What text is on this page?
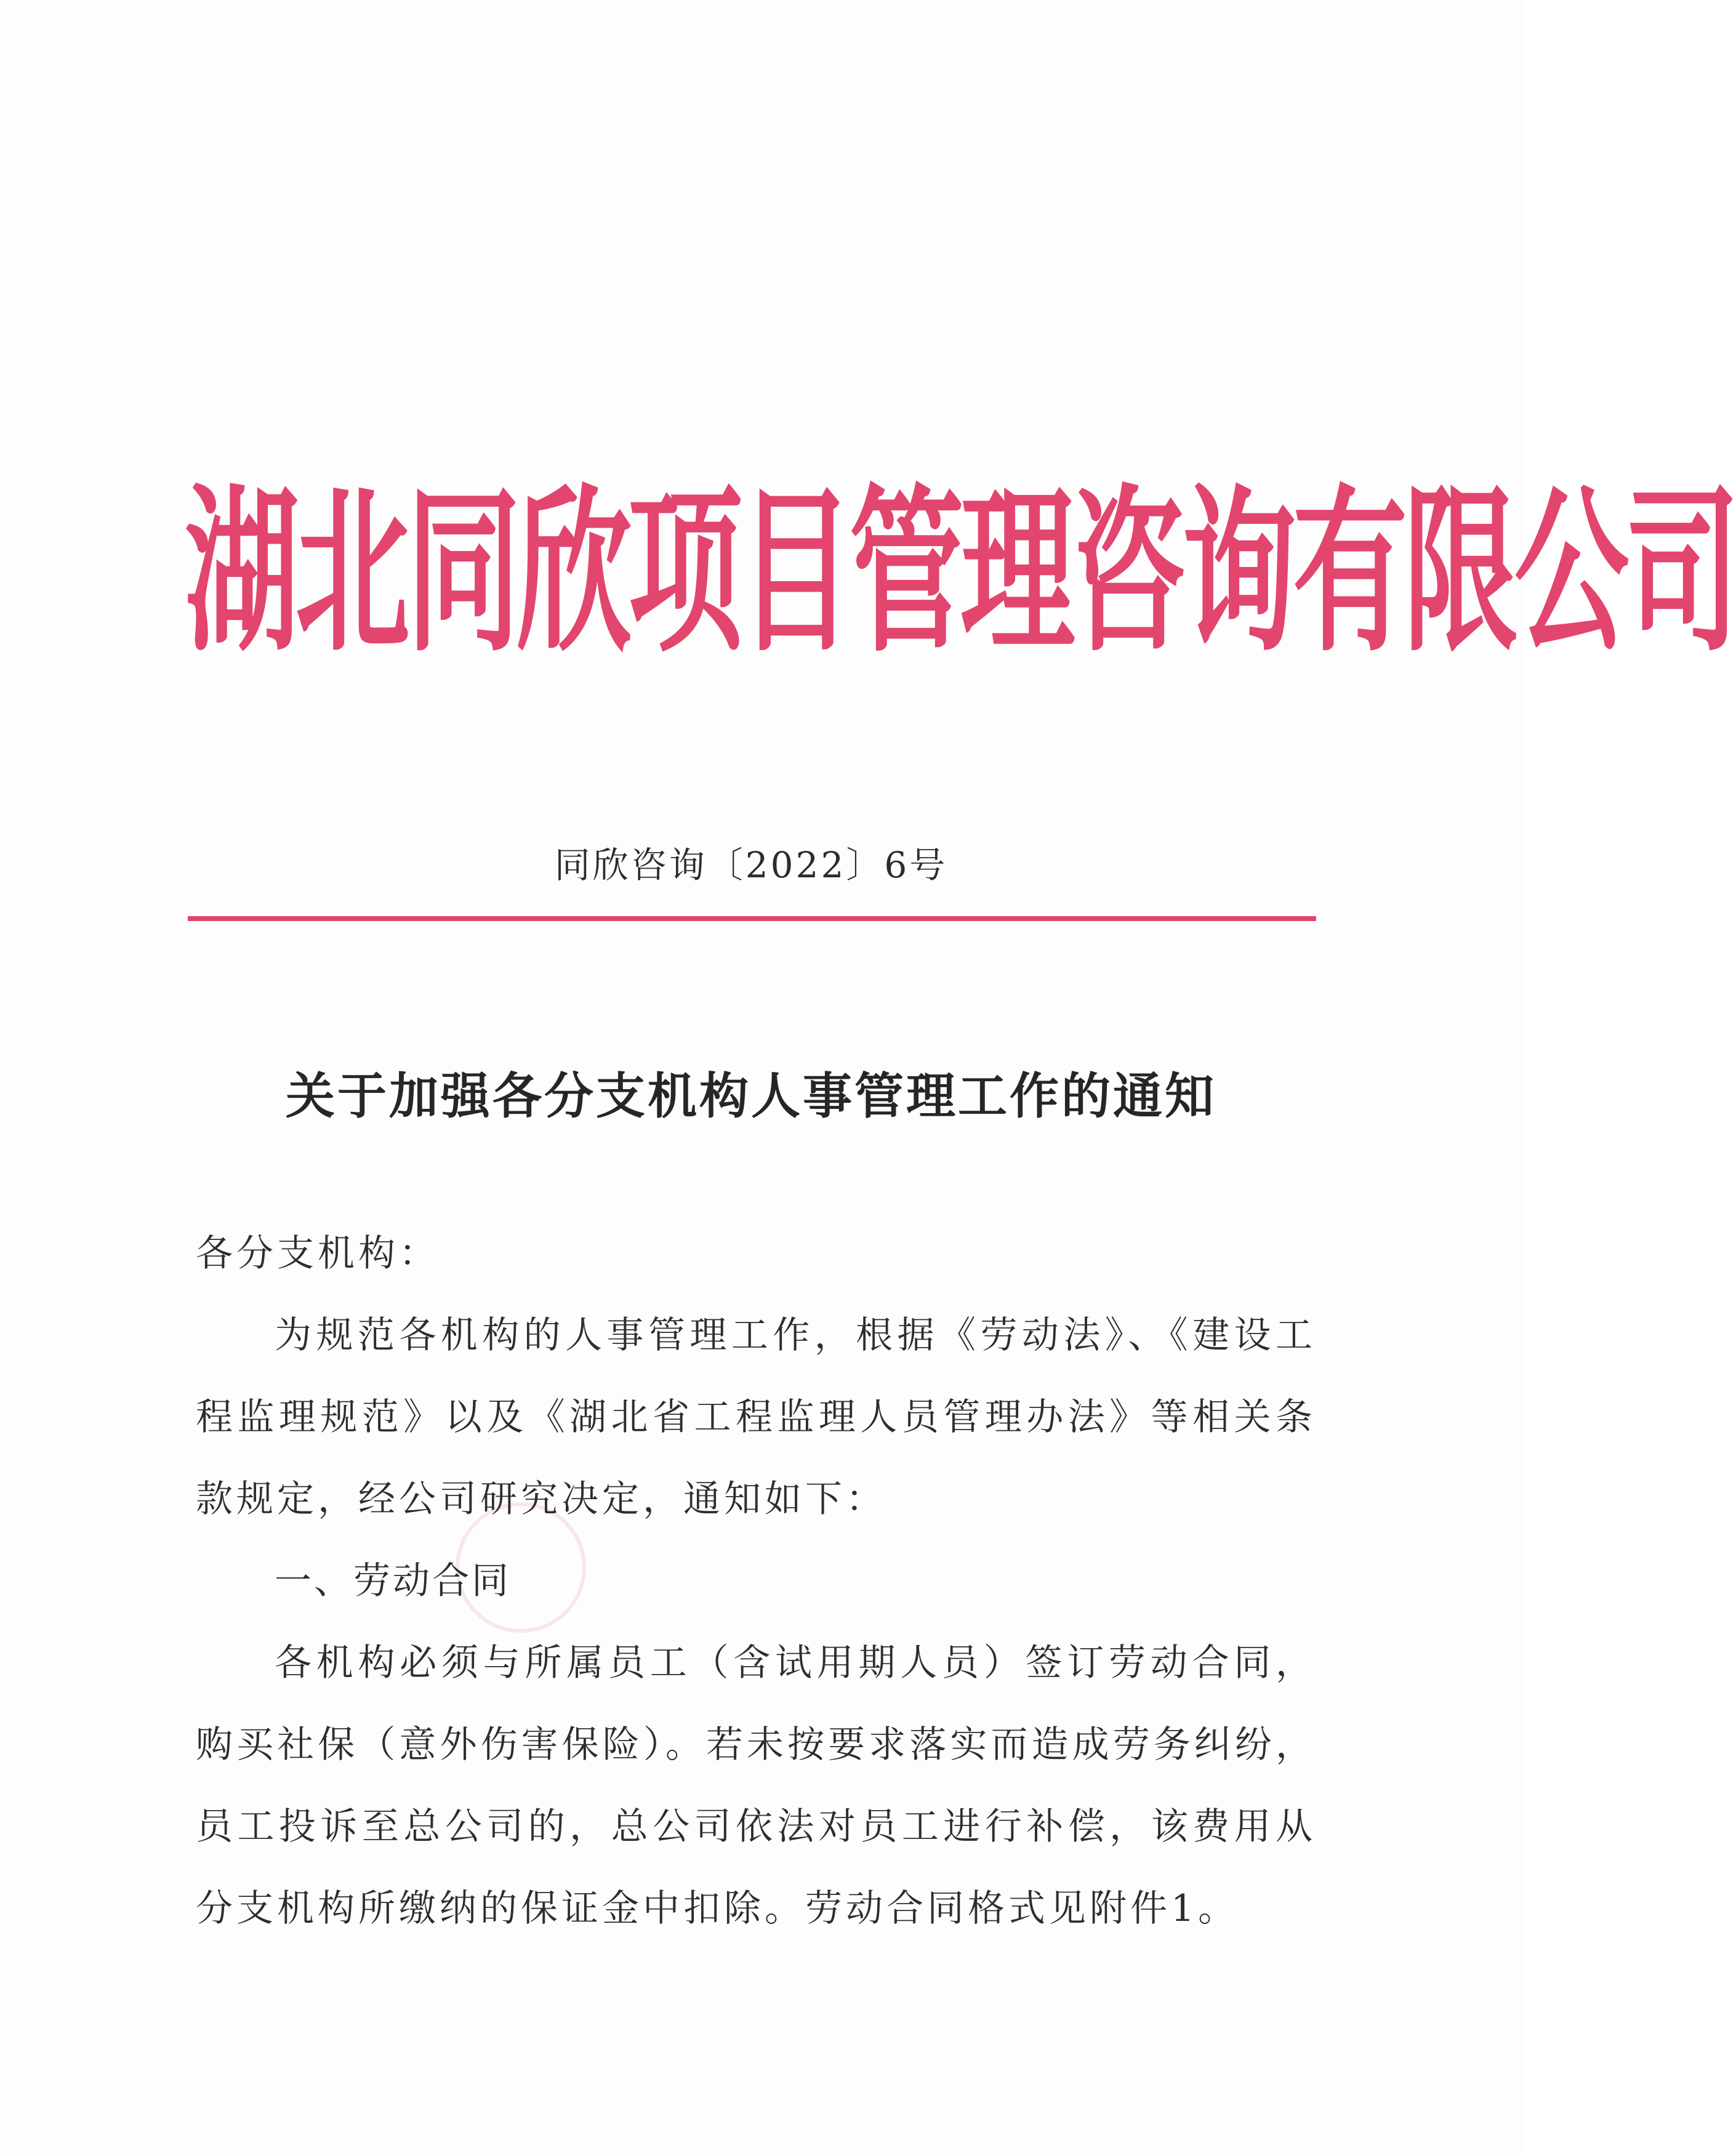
湖北同欣项目管理咨询有限公司
同欣咨询〔2022〕6号
关于加强各分支机构人事管理工作的通知

各分支机构：

为规范各机构的人事管理工作，根据《劳动法》、《建设工程监理规范》以及《湖北省工程监理人员管理办法》等相关条款规定，经公司研究决定，通知如下：

一、劳动合同

各机构必须与所属员工（含试用期人员）签订劳动合同，购买社保（意外伤害保险）。若未按要求落实而造成劳务纠纷，员工投诉至总公司的，总公司依法对员工进行补偿，该费用从分支机构所缴纳的保证金中扣除。劳动合同格式见附件1。
